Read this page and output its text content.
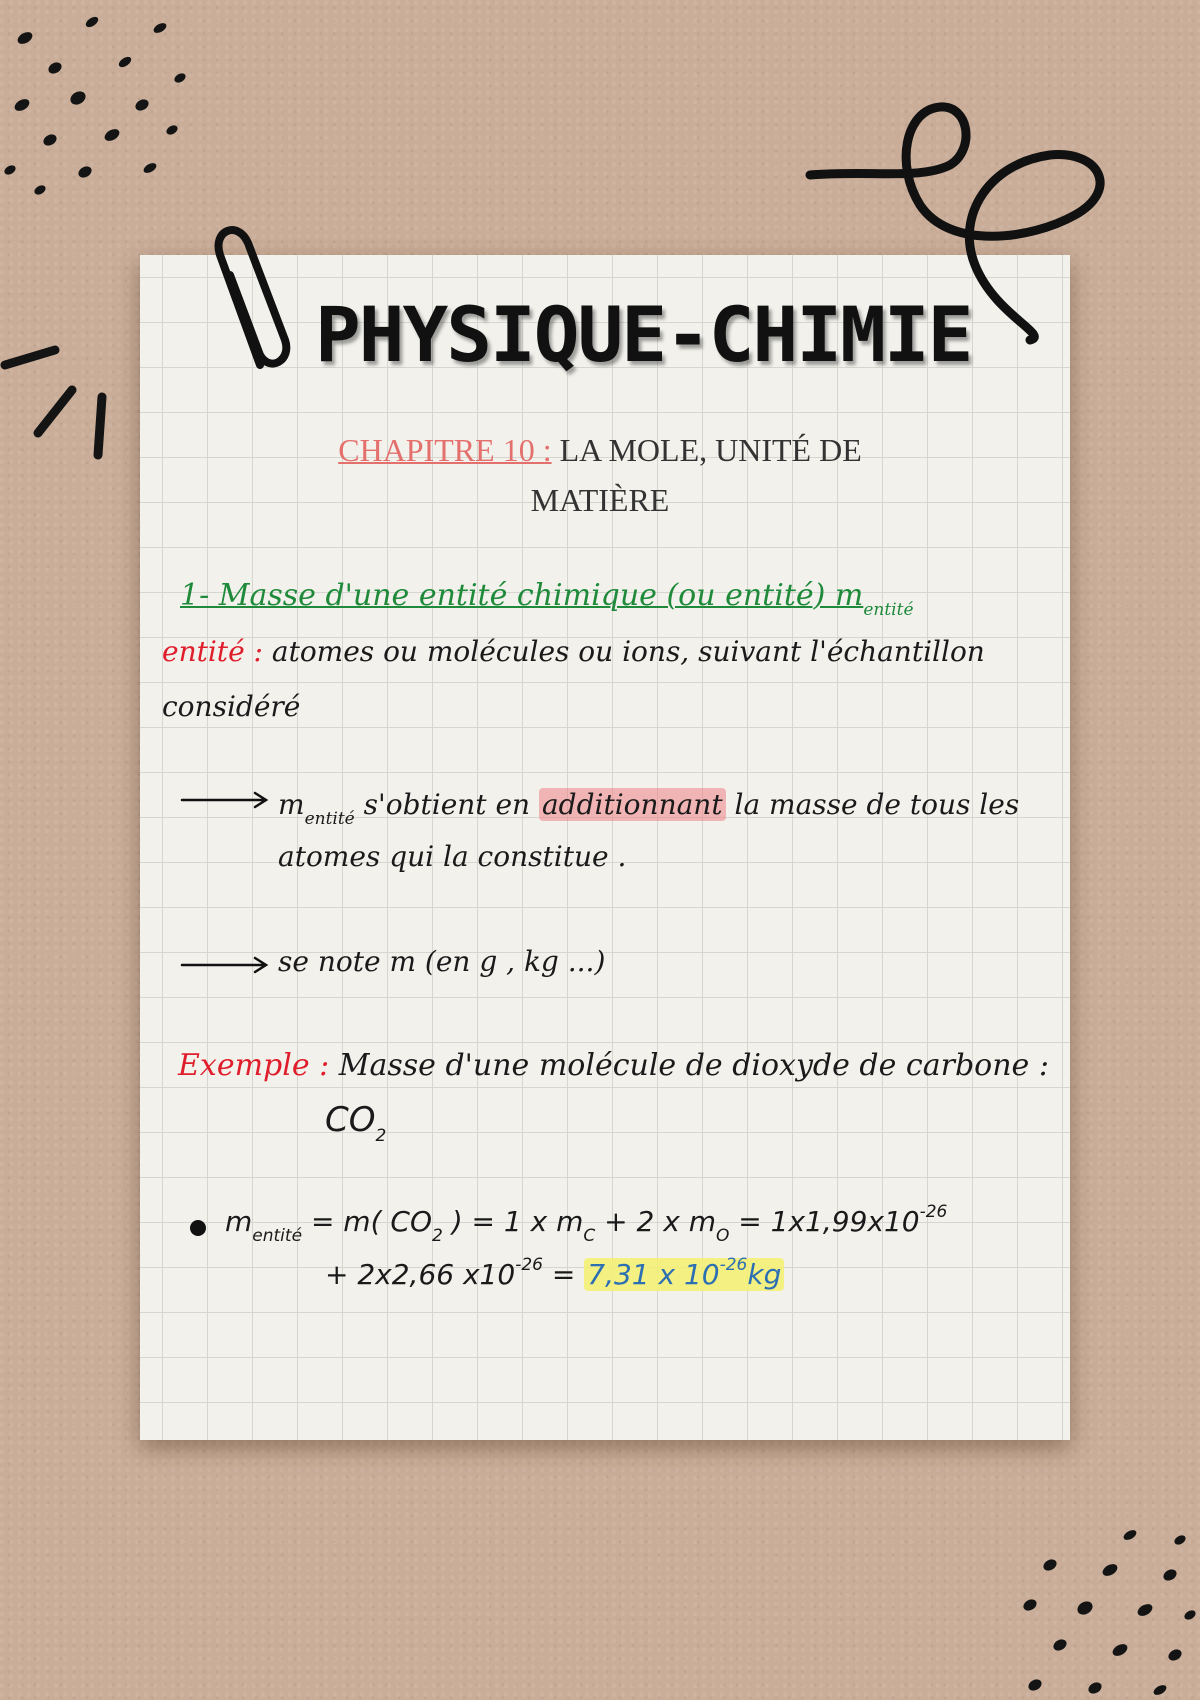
PHYSIQUE-CHIMIE
CHAPITRE 10 : LA MOLE, UNITÉ DE
MATIÈRE
1- Masse d'une entité chimique (ou entité) $m_{entité}$
entité : atomes ou molécules ou ions, suivant l'échantillon
considéré
$m_{entité}$ s'obtient en additionnant la masse de tous les
atomes qui la constitue .
se note m (en g , kg ...)
Exemple : Masse d'une molécule de dioxyde de carbone :
$CO_2$
$m_{entité} = m$( $CO_2$ ) = 1 x $m_C + 2$ x $m_O = 1x1,99x10^{-26}$
+ 2x2,66 $x10^{-26} = 7,31$ x $10^{-26}kg$
